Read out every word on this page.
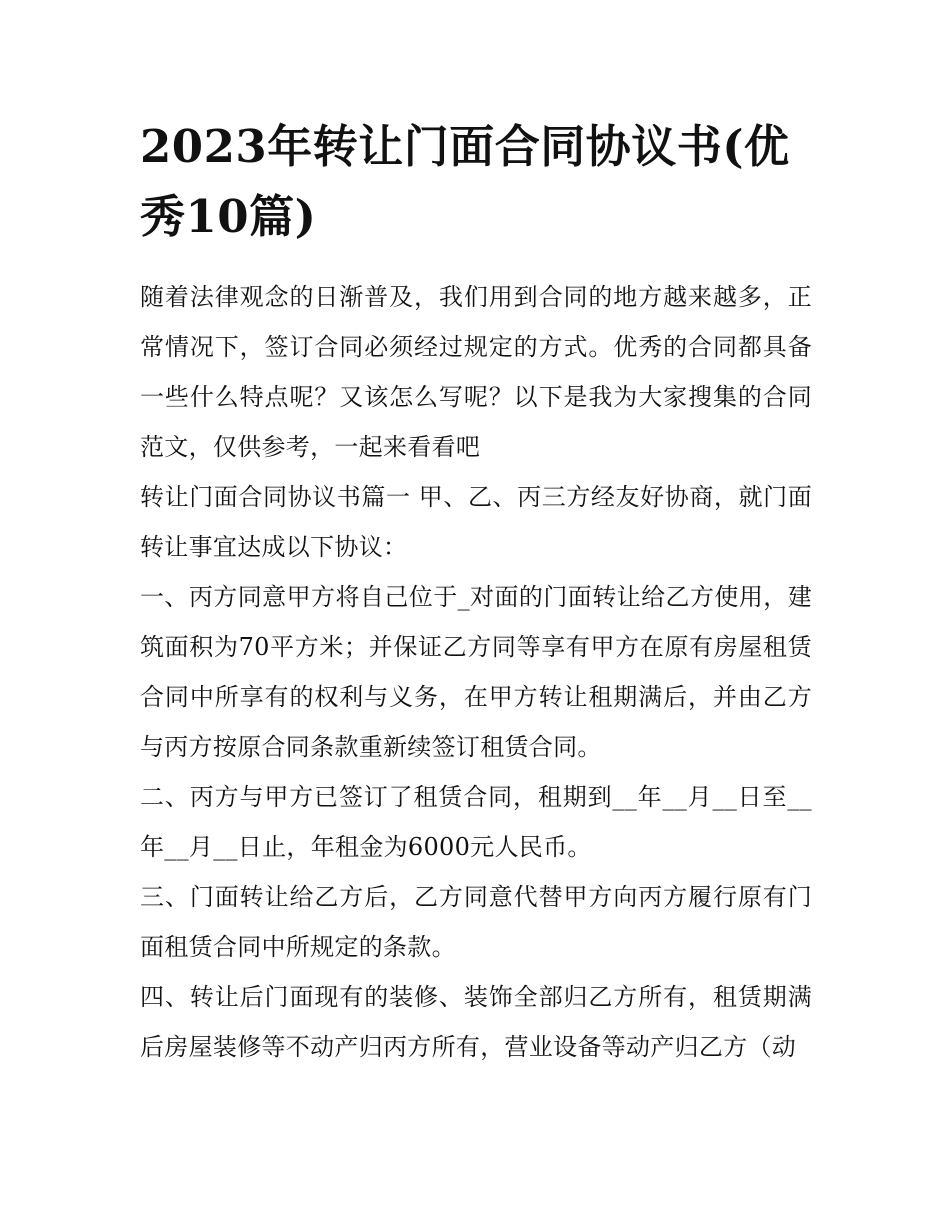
2023年转让门面合同协议书(优秀10篇)

随着法律观念的日渐普及，我们用到合同的地方越来越多，正常情况下，签订合同必须经过规定的方式。优秀的合同都具备一些什么特点呢？又该怎么写呢？以下是我为大家搜集的合同范文，仅供参考，一起来看看吧

转让门面合同协议书篇一 甲、乙、丙三方经友好协商，就门面转让事宜达成以下协议：

一、丙方同意甲方将自己位于_对面的门面转让给乙方使用，建筑面积为70平方米；并保证乙方同等享有甲方在原有房屋租赁合同中所享有的权利与义务，在甲方转让租期满后，并由乙方与丙方按原合同条款重新续签订租赁合同。

二、丙方与甲方已签订了租赁合同，租期到__年__月__日至__年__月__日止，年租金为6000元人民币。

三、门面转让给乙方后，乙方同意代替甲方向丙方履行原有门面租赁合同中所规定的条款。

四、转让后门面现有的装修、装饰全部归乙方所有，租赁期满后房屋装修等不动产归丙方所有，营业设备等动产归乙方（动
